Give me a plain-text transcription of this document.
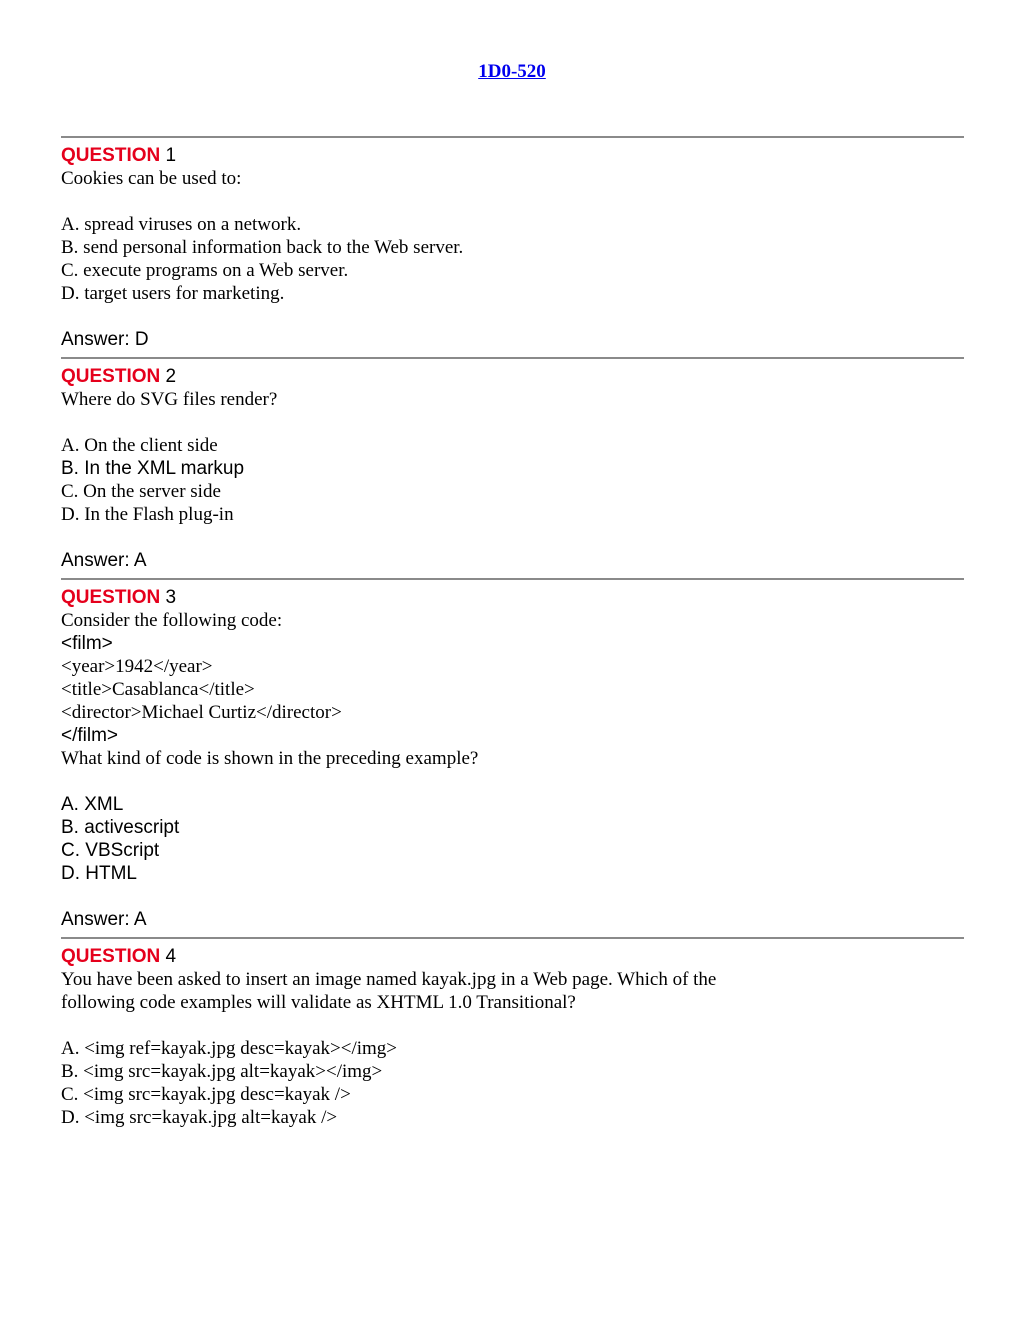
1D0-520
QUESTION 1
Cookies can be used to:
A. spread viruses on a network.
B. send personal information back to the Web server.
C. execute programs on a Web server.
D. target users for marketing.
Answer: D
QUESTION 2
Where do SVG files render?
A. On the client side
B. In the XML markup
C. On the server side
D. In the Flash plug-in
Answer: A
QUESTION 3
Consider the following code:
<film>
<year>1942</year>
<title>Casablanca</title>
<director>Michael Curtiz</director>
</film>
What kind of code is shown in the preceding example?
A. XML
B. activescript
C. VBScript
D. HTML
Answer: A
QUESTION 4
You have been asked to insert an image named kayak.jpg in a Web page. Which of the
following code examples will validate as XHTML 1.0 Transitional?
A. <img ref=kayak.jpg desc=kayak></img>
B. <img src=kayak.jpg alt=kayak></img>
C. <img src=kayak.jpg desc=kayak />
D. <img src=kayak.jpg alt=kayak />
